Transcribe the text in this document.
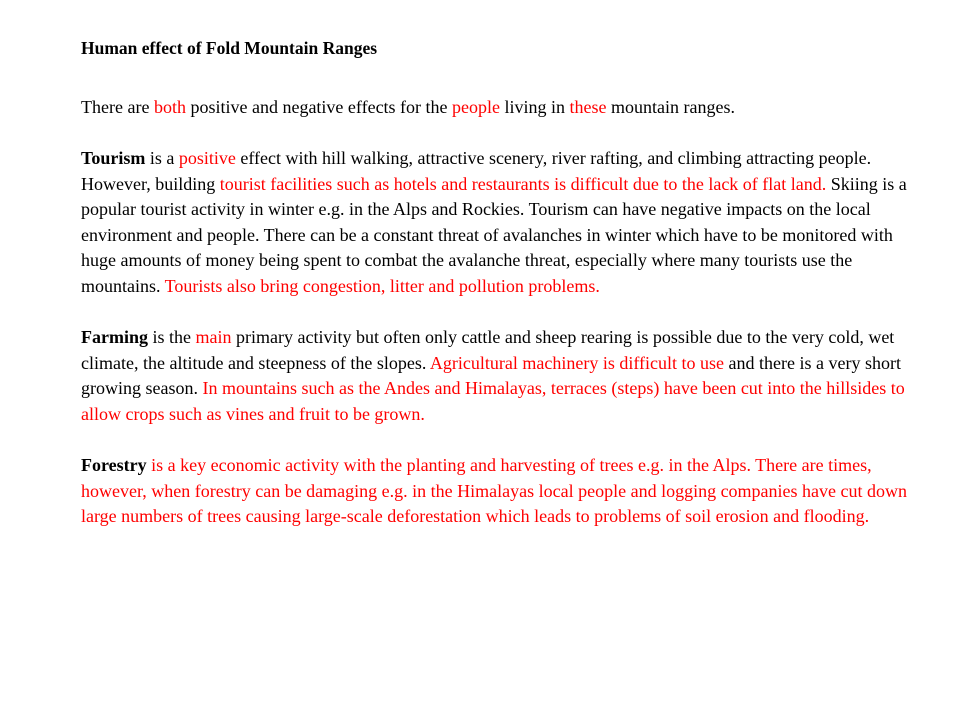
Human effect of Fold Mountain Ranges

There are both positive and negative effects for the people living in these mountain ranges.

Tourism is a positive effect with hill walking, attractive scenery, river rafting, and climbing attracting people. However, building tourist facilities such as hotels and restaurants is difficult due to the lack of flat land. Skiing is a popular tourist activity in winter e.g. in the Alps and Rockies. Tourism can have negative impacts on the local environment and people. There can be a constant threat of avalanches in winter which have to be monitored with huge amounts of money being spent to combat the avalanche threat, especially where many tourists use the mountains. Tourists also bring congestion, litter and pollution problems.

Farming is the main primary activity but often only cattle and sheep rearing is possible due to the very cold, wet climate, the altitude and steepness of the slopes. Agricultural machinery is difficult to use and there is a very short growing season. In mountains such as the Andes and Himalayas, terraces (steps) have been cut into the hillsides to allow crops such as vines and fruit to be grown.

Forestry is a key economic activity with the planting and harvesting of trees e.g. in the Alps. There are times, however, when forestry can be damaging e.g. in the Himalayas local people and logging companies have cut down large numbers of trees causing large-scale deforestation which leads to problems of soil erosion and flooding.
